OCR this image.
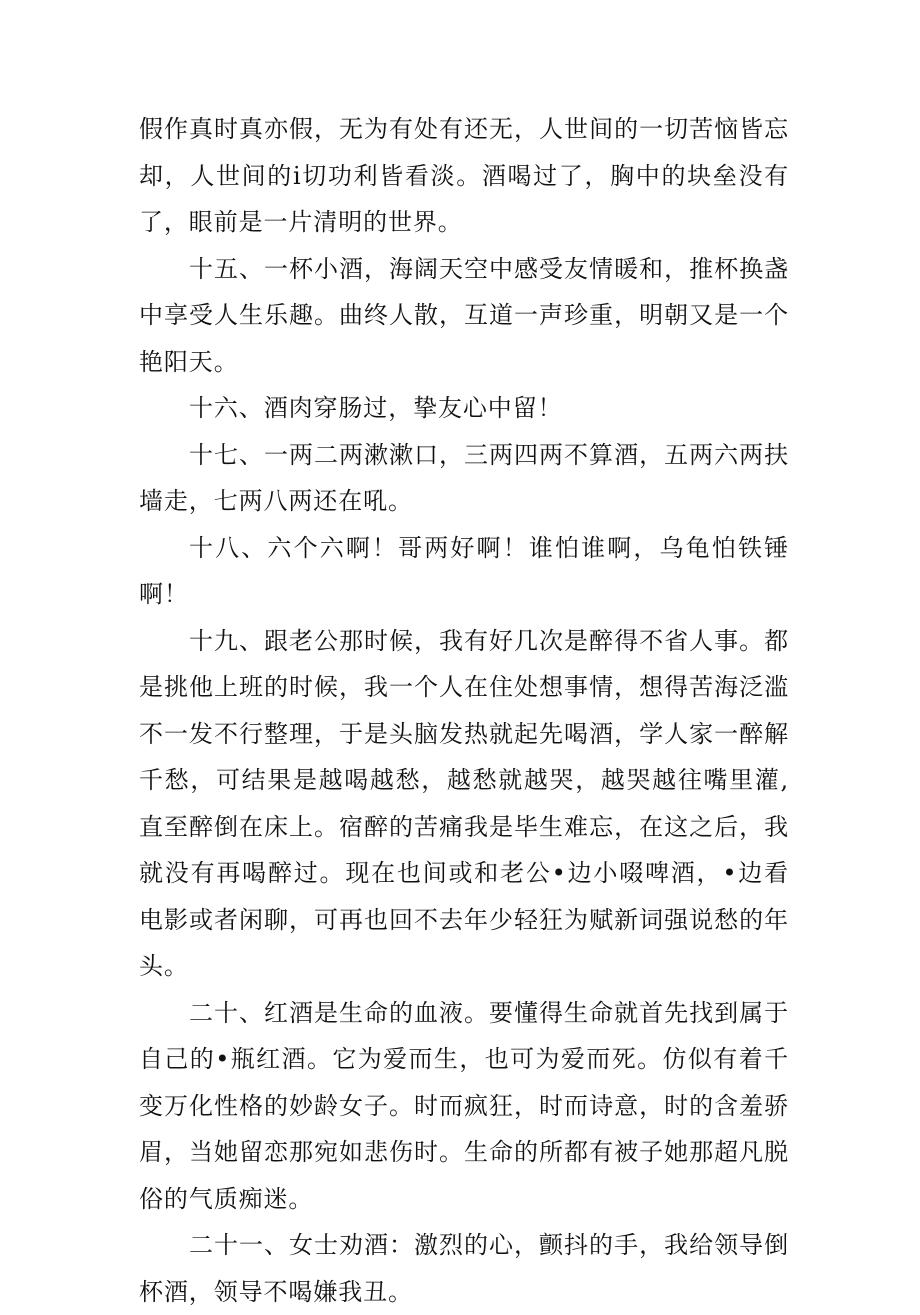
假作真时真亦假，无为有处有还无，人世间的一切苦恼皆忘却，人世间的i切功利皆看淡。酒喝过了，胸中的块垒没有了，眼前是一片清明的世界。

十五、一杯小酒，海阔天空中感受友情暖和，推杯换盏中享受人生乐趣。曲终人散，互道一声珍重，明朝又是一个艳阳天。

十六、酒肉穿肠过，挚友心中留！

十七、一两二两漱漱口，三两四两不算酒，五两六两扶墙走，七两八两还在吼。

十八、六个六啊！哥两好啊！谁怕谁啊，乌龟怕铁锤啊！

十九、跟老公那时候，我有好几次是醉得不省人事。都是挑他上班的时候，我一个人在住处想事情，想得苦海泛滥不一发不行整理，于是头脑发热就起先喝酒，学人家一醉解千愁，可结果是越喝越愁，越愁就越哭，越哭越往嘴里灌,直至醉倒在床上。宿醉的苦痛我是毕生难忘，在这之后，我就没有再喝醉过。现在也间或和老公•边小啜啤酒，•边看电影或者闲聊，可再也回不去年少轻狂为赋新词强说愁的年头。

二十、红酒是生命的血液。要懂得生命就首先找到属于自己的•瓶红酒。它为爱而生，也可为爱而死。仿似有着千变万化性格的妙龄女子。时而疯狂，时而诗意，时的含羞骄眉，当她留恋那宛如悲伤时。生命的所都有被子她那超凡脱俗的气质痴迷。

二十一、女士劝酒：激烈的心，颤抖的手，我给领导倒杯酒，领导不喝嫌我丑。
